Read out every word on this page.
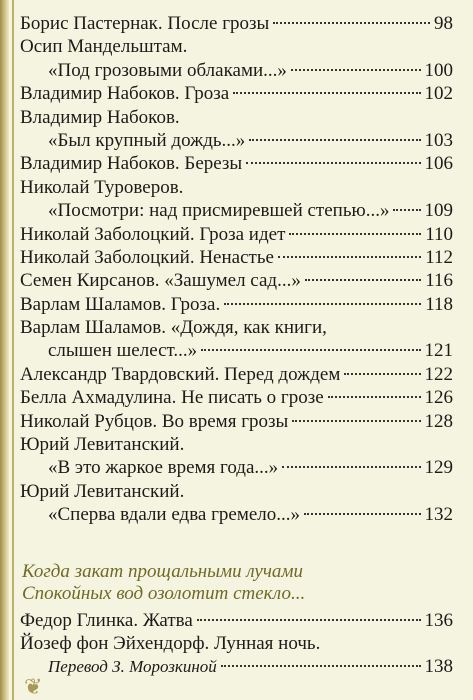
Борис Пастернак. После грозы	98
Осип Мандельштам.
«Под грозовыми облаками...»	100
Владимир Набоков. Гроза	102
Владимир Набоков.
«Был крупный дождь...»	103
Владимир Набоков. Березы	106
Николай Туроверов.
«Посмотри: над присмиревшей степью...» 109
Николай Заболоцкий. Гроза идет	110
Николай Заболоцкий. Ненастье	112
Семен Кирсанов. «Зашумел сад...»	116
Варлам Шаламов. Гроза.	118
Варлам Шаламов. «Дождя, как книги,
слышен шелест...»	121
Александр Твардовский. Перед дождем	122
Белла Ахмадулина. Не писать о грозе	126
Николай Рубцов. Во время грозы	128
Юрий Левитанский.
«В это жаркое время года...»	129
Юрий Левитанский.
«Сперва вдали едва гремело...»	132
Когда закат прощальными лучами
Спокойных вод озолотит стекло...
Федор Глинка. Жатва	136
Йозеф фон Эйхендорф. Лунная ночь.
Перевод З. Морозкиной	138
❦
